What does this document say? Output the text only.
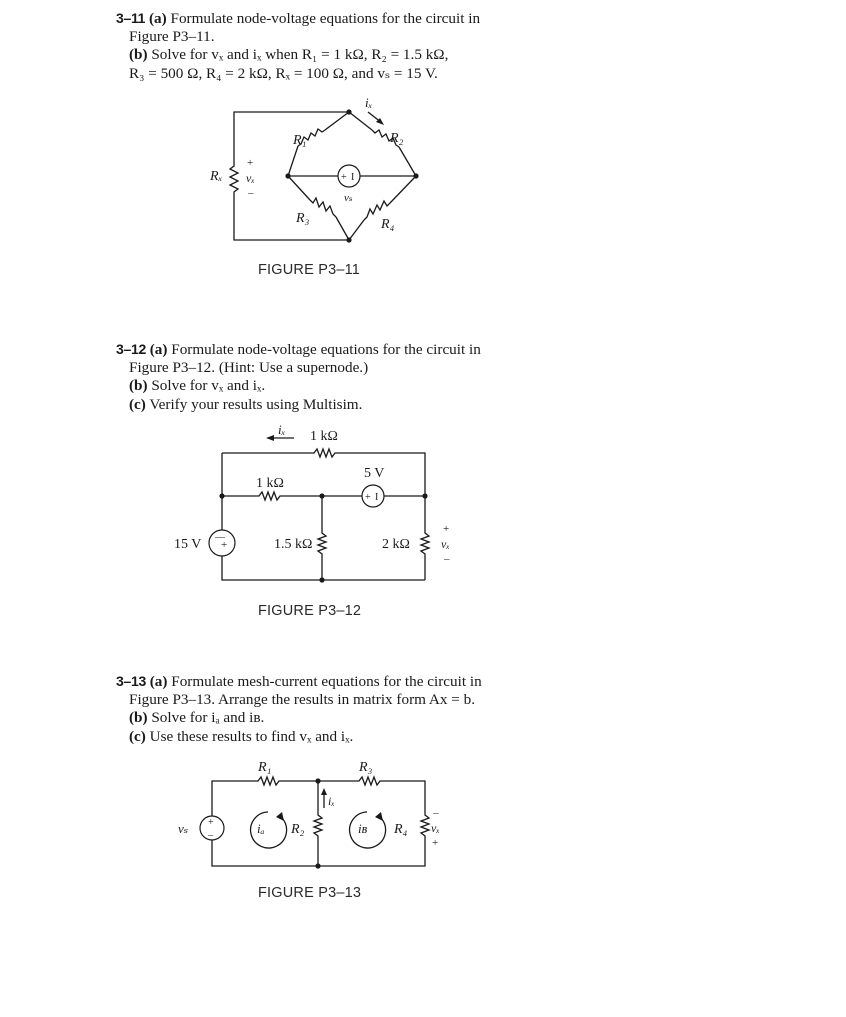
3–11 (a) Formulate node-voltage equations for the circuit in
Figure P3–11.
(b) Solve for vₓ and iₓ when R₁ = 1 kΩ, R₂ = 1.5 kΩ,
R₃ = 500 Ω, R₄ = 2 kΩ, Rₓ = 100 Ω, and vₛ = 15 V.
+ I
R₁	R₂
R₃	R₄
Rₓ
+
vₓ
–
iₓ
vₛ
FIGURE P3–11
3–12 (a) Formulate node-voltage equations for the circuit in
Figure P3–12. (Hint: Use a supernode.)
(b) Solve for vₓ and iₓ.
(c) Verify your results using Multisim.
+
—
+ I
iₓ 1 kΩ
1 kΩ
1.5 kΩ	2 kΩ
15 V
5 V
+
vₓ
–
FIGURE P3–12
3–13 (a) Formulate mesh-current equations for the circuit in
Figure P3–13. Arrange the results in matrix form Ax = b.
(b) Solve for iₐ and iʙ.
(c) Use these results to find vₓ and iₓ.
+
–
R₁	R₃
R₂	R₄
vₛ	iₐ	iʙ
iₓ
–
vₓ
+
FIGURE P3–13
